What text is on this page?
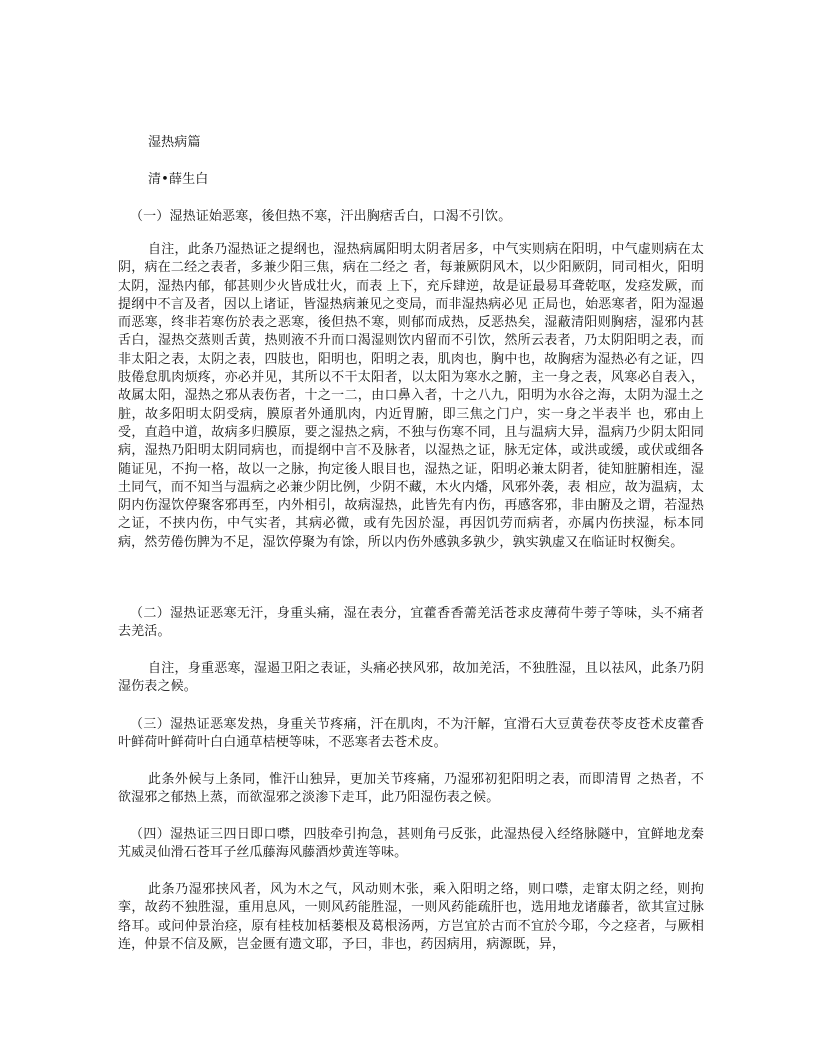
湿热病篇

清•薛生白

（一）湿热证始恶寒，後但热不寒，汗出胸痞舌白，口渴不引饮。

自注，此条乃湿热证之提纲也，湿热病属阳明太阴者居多，中气实则病在阳明，中气虚则病在太阴，病在二经之表者，多兼少阳三焦，病在二经之 者，每兼厥阴风木，以少阳厥阴，同司相火，阳明太阴，湿热内郁，郁甚则少火皆成壮火，而表 上下，充斥肆逆，故是证最易耳聋乾呕，发痉发厥，而提纲中不言及者，因以上诸证，皆湿热病兼见之变局，而非湿热病必见 正局也，始恶寒者，阳为湿遏而恶寒，终非若寒伤於表之恶寒，後但热不寒，则郁而成热，反恶热矣，湿蔽清阳则胸痞，湿邪内甚舌白，湿热交蒸则舌黄，热则液不升而口渴湿则饮内留而不引饮，然所云表者，乃太阴阳明之表，而非太阳之表，太阴之表，四肢也，阳明也，阳明之表，肌肉也，胸中也，故胸痞为湿热必有之证，四肢倦怠肌肉烦疼，亦必并见，其所以不干太阳者，以太阳为寒水之腑，主一身之表，风寒必自表入，故属太阳，湿热之邪从表伤者，十之一二，由口鼻入者，十之八九，阳明为水谷之海，太阴为湿土之脏，故多阳明太阴受病，膜原者外通肌肉，内近胃腑，即三焦之门户，实一身之半表半 也，邪由上受，直趋中道，故病多归膜原，要之湿热之病，不独与伤寒不同，且与温病大异，温病乃少阴太阳同病，湿热乃阳明太阴同病也，而提纲中言不及脉者，以湿热之证，脉无定体，或洪或缓，或伏或细各随证见，不拘一格，故以一之脉，拘定後人眼目也，湿热之证，阳明必兼太阴者，徒知脏腑相连，湿土同气，而不知当与温病之必兼少阴比例，少阴不藏，木火内燔，风邪外袭，表 相应，故为温病，太阴内伤湿饮停聚客邪再至，内外相引，故病湿热，此皆先有内伤，再感客邪，非由腑及之谓，若湿热之证，不挟内伤，中气实者，其病必微，或有先因於湿，再因饥劳而病者，亦属内伤挟湿，标本同病，然劳倦伤脾为不足，湿饮停聚为有馀，所以内伤外感孰多孰少，孰实孰虚又在临证时权衡矣。

（二）湿热证恶寒无汗，身重头痛，湿在表分，宜藿香香薷羌活苍求皮薄荷牛蒡子等味，头不痛者去羌活。

自注，身重恶寒，湿遏卫阳之表证，头痛必挟风邪，故加羌活，不独胜湿，且以祛风，此条乃阴湿伤表之候。

（三）湿热证恶寒发热，身重关节疼痛，汗在肌肉，不为汗解，宜滑石大豆黄卷茯苓皮苍术皮藿香叶鲜荷叶鲜荷叶白白通草桔梗等味，不恶寒者去苍术皮。

此条外候与上条同，惟汗山独异，更加关节疼痛，乃湿邪初犯阳明之表，而即清胃 之热者，不欲湿邪之郁热上蒸，而欲湿邪之淡渗下走耳，此乃阳湿伤表之候。

（四）湿热证三四日即口噤，四肢牵引拘急，甚则角弓反张，此湿热侵入经络脉隧中，宜鲜地龙秦艽威灵仙滑石苍耳子丝瓜藤海风藤酒炒黄连等味。

此条乃湿邪挟风者，风为木之气，风动则木张，乘入阳明之络，则口噤，走窜太阴之经，则拘挛，故药不独胜湿，重用息风，一则风药能胜湿，一则风药能疏肝也，选用地龙诸藤者，欲其宣过脉络耳。或问仲景治痉，原有桂枝加栝蒌根及葛根汤两，方岂宜於古而不宜於今耶，今之痉者，与厥相连，仲景不信及厥，岂金匮有遗文耶，予曰，非也，药因病用，病源既，异，
